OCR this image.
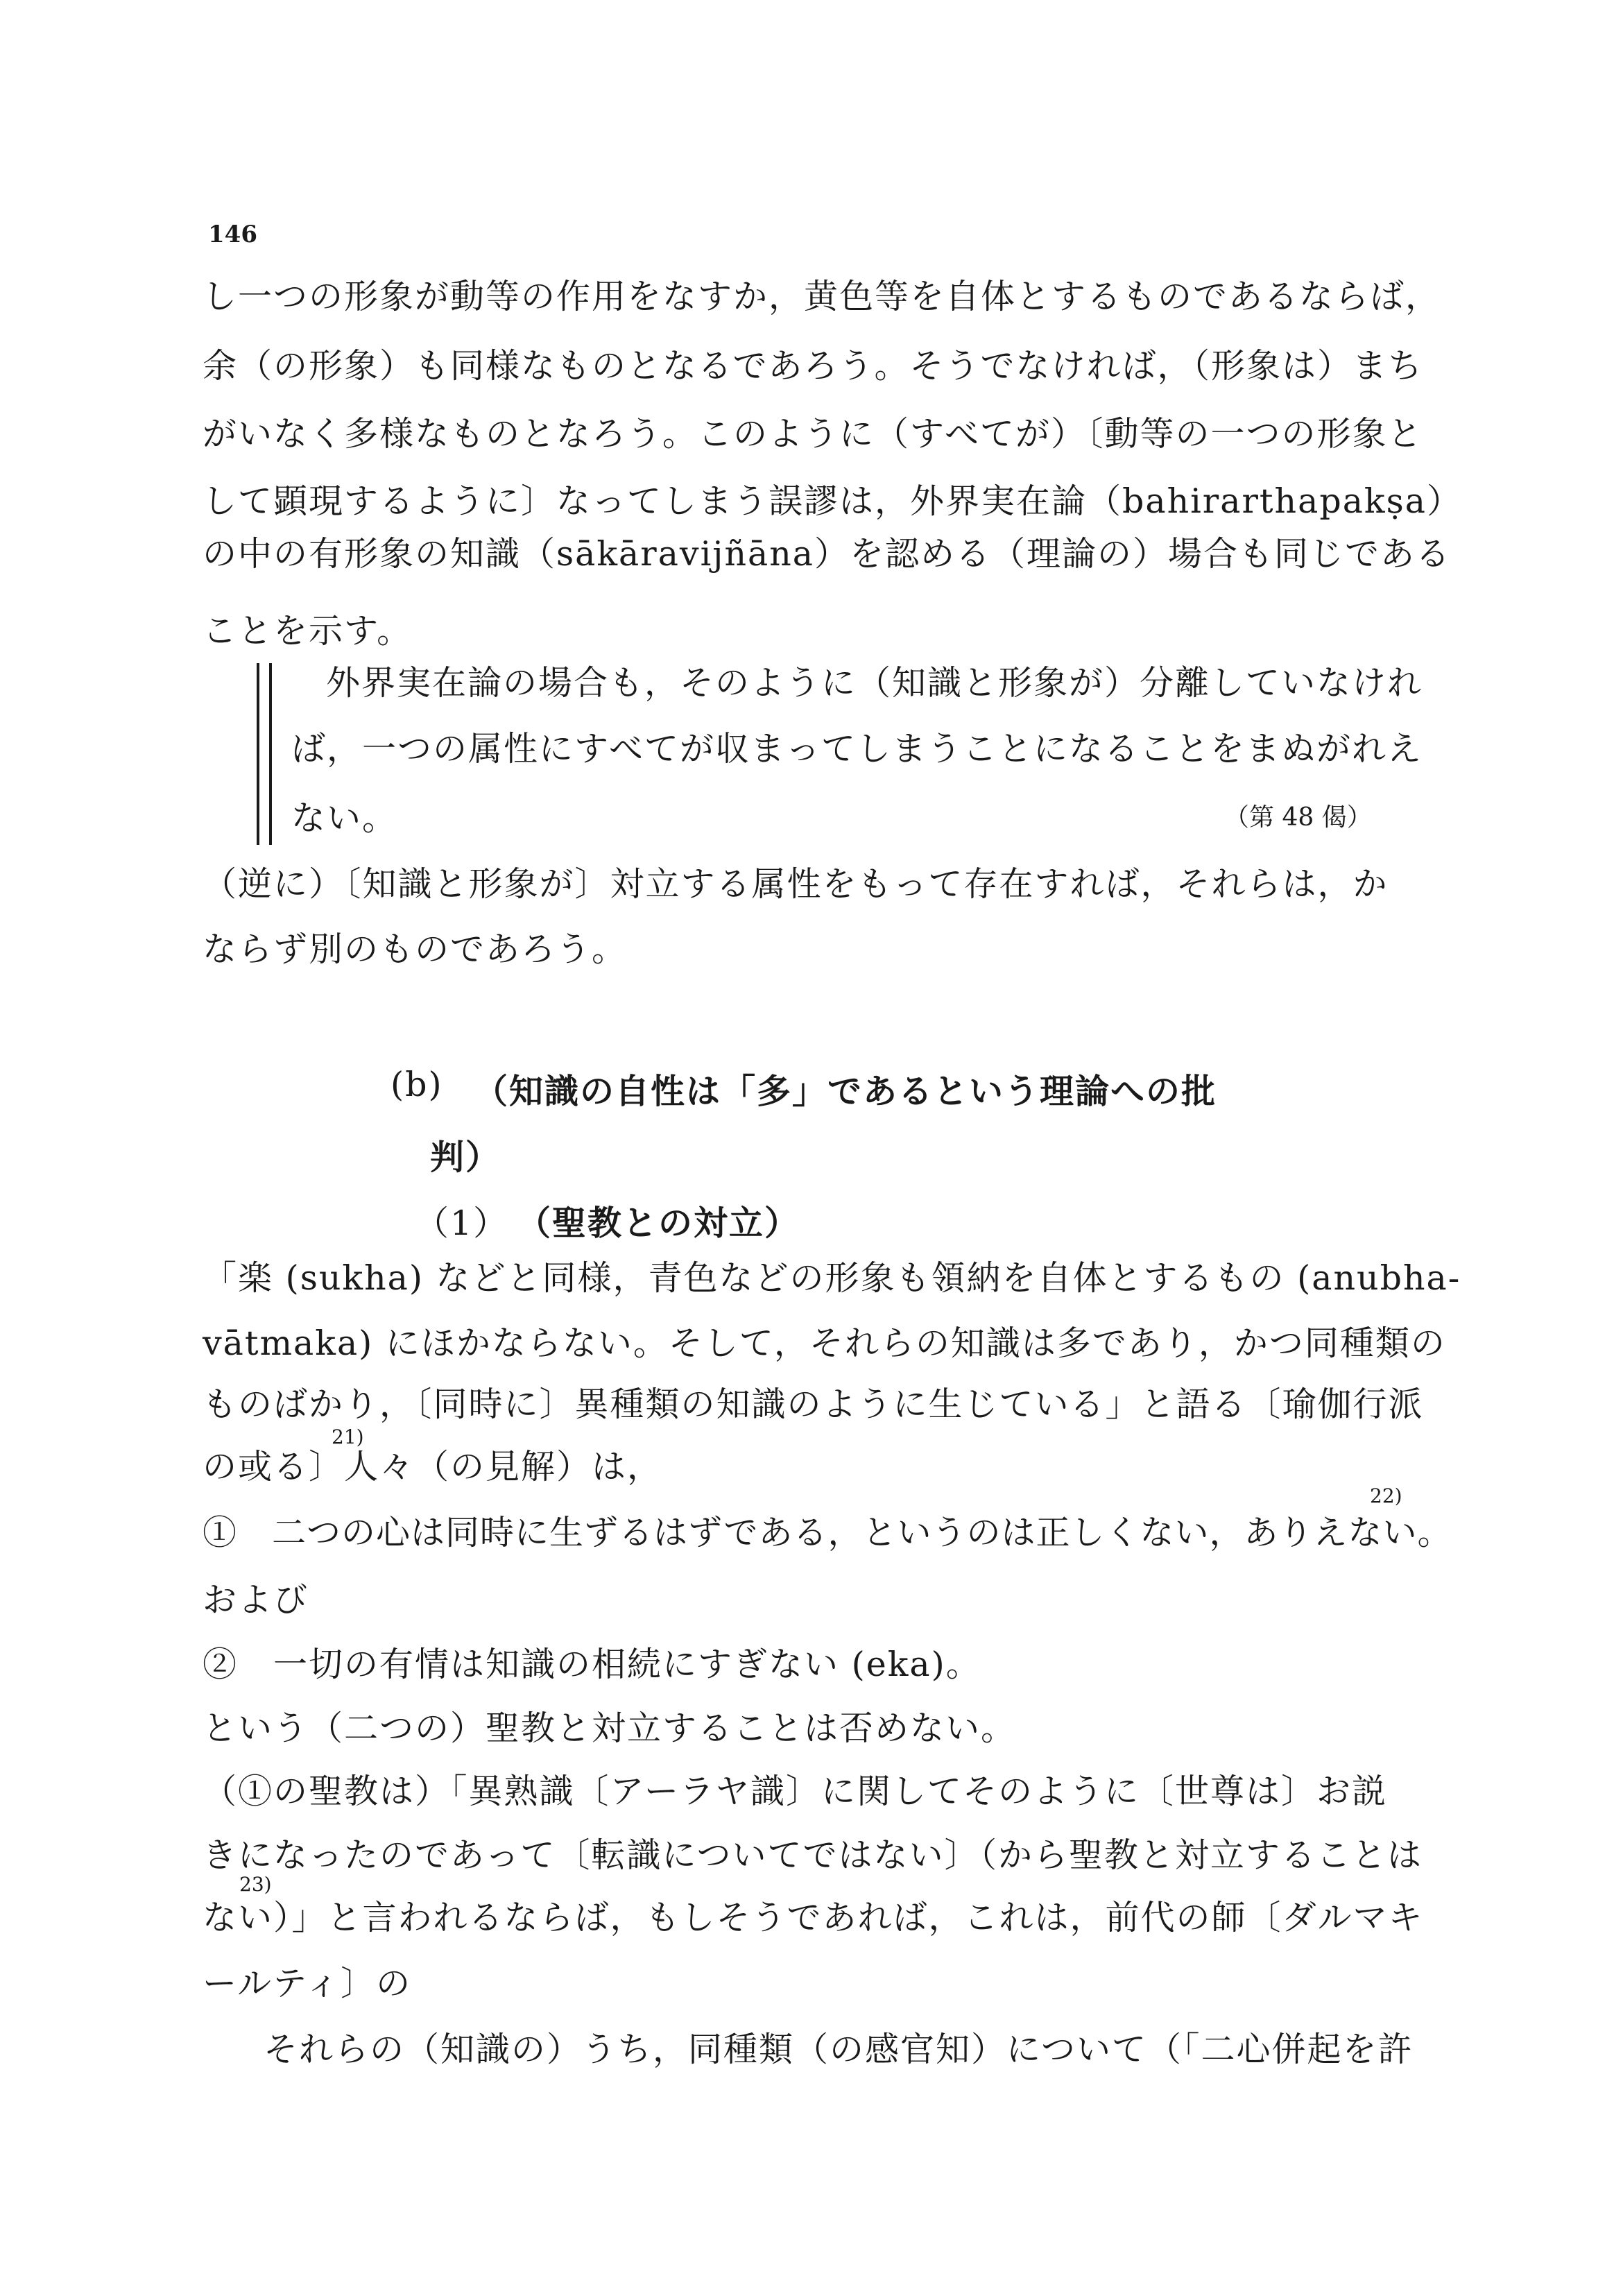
146
し一つの形象が動等の作用をなすか，黄色等を自体とするものであるならば，
余（の形象）も同様なものとなるであろう。そうでなければ，（形象は）まち
がいなく多様なものとなろう。このように（すべてが）〔動等の一つの形象と
して顕現するように〕なってしまう誤謬は，外界実在論（bahirarthapakṣa）
の中の有形象の知識（sākāravijñāna）を認める（理論の）場合も同じである
ことを示す。
外界実在論の場合も，そのように（知識と形象が）分離していなけれ
ば，一つの属性にすべてが収まってしまうことになることをまぬがれえ
ない。	（第 48 偈）
（逆に）〔知識と形象が〕対立する属性をもって存在すれば，それらは，か
ならず別のものであろう。
(b) （知識の自性は「多」であるという理論への批
判）
（1） （聖教との対立）
「楽 (sukha) などと同様，青色などの形象も領納を自体とするもの (anubha-
vātmaka) にほかならない。そして，それらの知識は多であり，かつ同種類の
ものばかり，〔同時に〕異種類の知識のように生じている」と語る〔瑜伽行派
21)
の或る〕人々（の見解）は，
22)
①　二つの心は同時に生ずるはずである，というのは正しくない，ありえない。
および
②　一切の有情は知識の相続にすぎない (eka)。
という（二つの）聖教と対立することは否めない。
（①の聖教は）「異熟識〔アーラヤ識〕に関してそのように〔世尊は〕お説
きになったのであって〔転識についてではない〕（から聖教と対立することは
23)
ない）」と言われるならば，もしそうであれば，これは，前代の師〔ダルマキ
ールティ〕の
それらの（知識の）うち，同種類（の感官知）について（「二心併起を許
